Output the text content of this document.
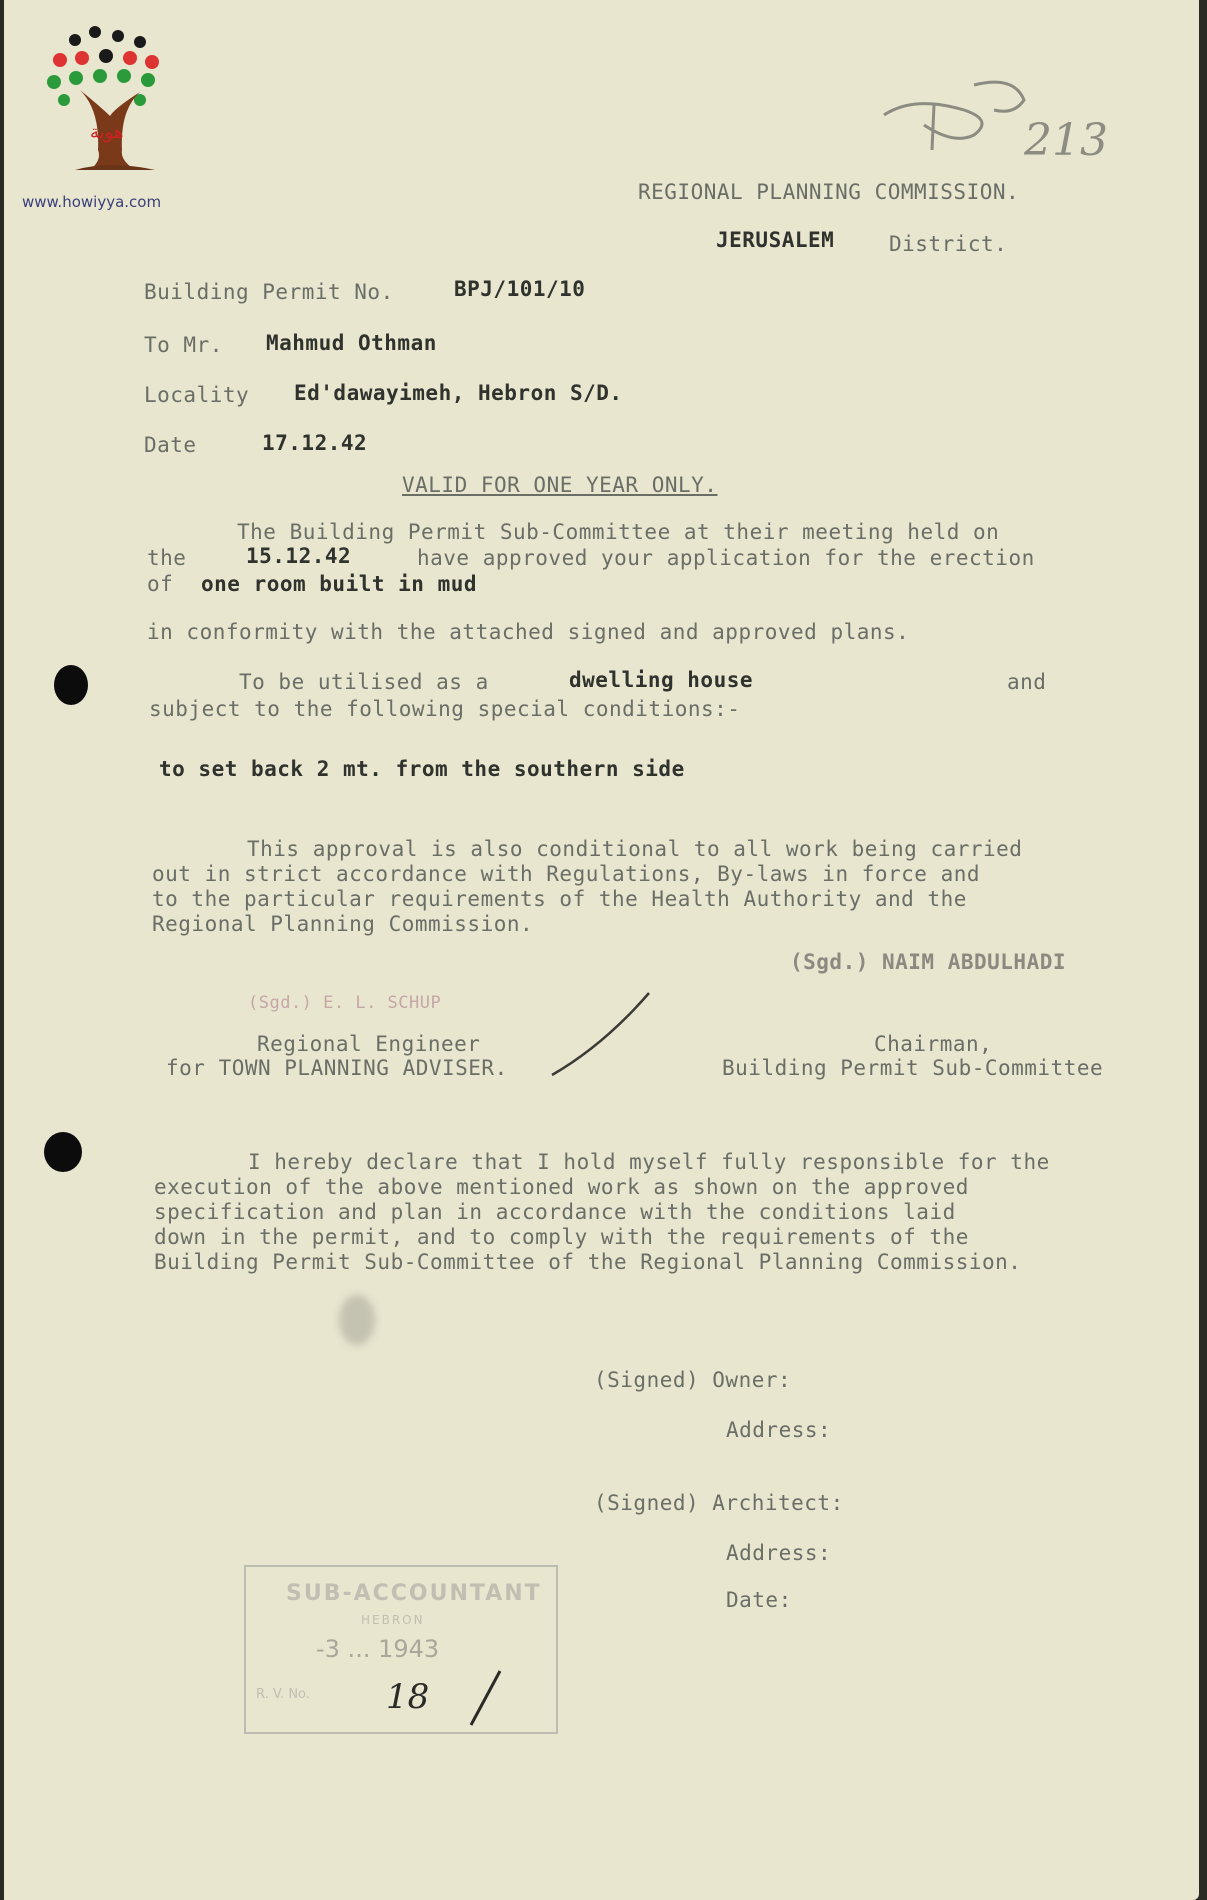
هوية
www.howiyya.com
213
REGIONAL PLANNING COMMISSION.
JERUSALEM	District.
Building Permit No.	BPJ/101/10
To Mr. Mahmud Othman
Locality Ed'dawayimeh, Hebron S/D.
Date	17.12.42
VALID FOR ONE YEAR ONLY.
The Building Permit Sub-Committee at their meeting held on
the	15.12.42	have approved your application for the erection
of one room built in mud
in conformity with the attached signed and approved plans.
To be utilised as a	dwelling house	and
subject to the following special conditions:-
to set back 2 mt. from the southern side
This approval is also conditional to all work being carried
out in strict accordance with Regulations, By-laws in force and
to the particular requirements of the Health Authority and the
Regional Planning Commission.
(Sgd.) NAIM ABDULHADI
(Sgd.) E. L. SCHUP
Regional Engineer
for TOWN PLANNING ADVISER.
Chairman,
Building Permit Sub-Committee
I hereby declare that I hold myself fully responsible for the
execution of the above mentioned work as shown on the approved
specification and plan in accordance with the conditions laid
down in the permit, and to comply with the requirements of the
Building Permit Sub-Committee of the Regional Planning Commission.
(Signed) Owner:
Address:
(Signed) Architect:
Address:
Date:
SUB-ACCOUNTANT
HEBRON
-3 ... 1943
R. V. No. 18
